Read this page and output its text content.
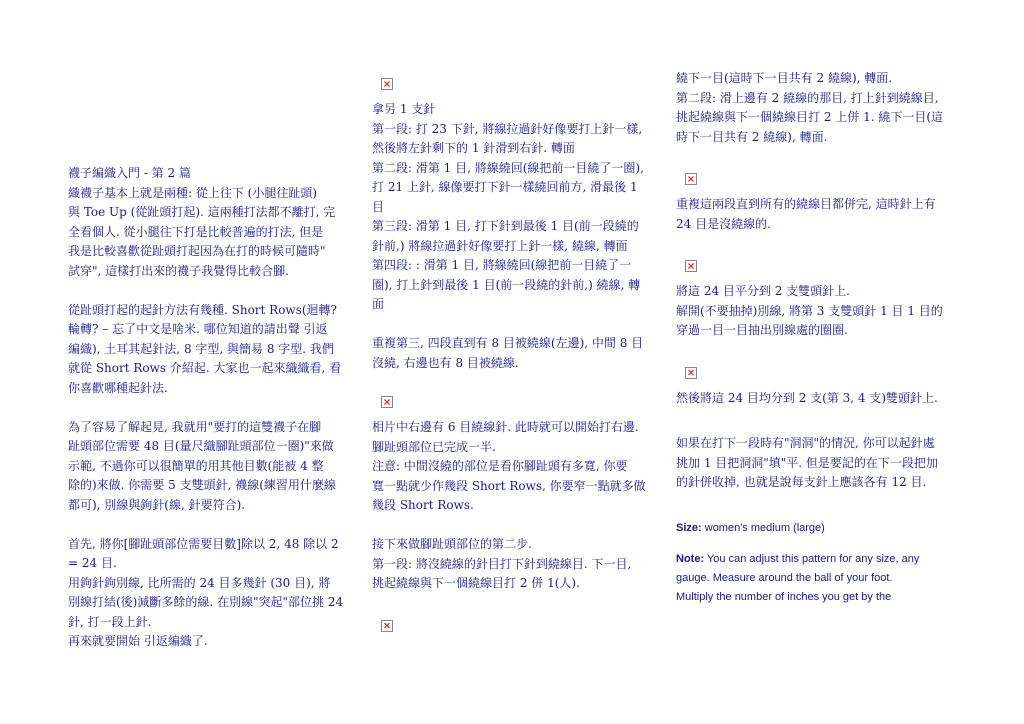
襪子編織入門 - 第 2 篇

織襪子基本上就是兩種: 從上往下 (小腿往趾頭)

與 Toe Up (從趾頭打起). 這兩種打法都不離打, 完

全看個人. 從小腿往下打是比較普遍的打法, 但是

我是比較喜歡從趾頭打起因為在打的時候可隨時"

試穿", 這樣打出來的襪子我覺得比較合腳.

從趾頭打起的起針方法有幾種. Short Rows(迴轉?

輪轉? – 忘了中文是啥米. 哪位知道的請出聲 引返

編織), 土耳其起針法, 8 字型, 與簡易 8 字型. 我們

就從 Short Rows 介紹起. 大家也一起來織織看, 看

你喜歡哪種起針法.

為了容易了解起見, 我就用"要打的這雙襪子在腳

趾頭部位需要 48 目(量尺織腳趾頭部位一圈)"來做

示範, 不過你可以很簡單的用其他目數(能被 4 整

除的)來做. 你需要 5 支雙頭針, 襪線(練習用什麼線

都可), 別線與鉤針(線, 針要符合).

首先, 將你[腳趾頭部位需要目數]除以 2, 48 除以 2

= 24 目.

用鉤針鉤別線, 比所需的 24 目多幾針 (30 目), 將

別線打結(後)減斷多餘的線. 在別線"突起"部位挑 24

針, 打一段上針.

再來就要開始 引返編織了.

拿另 1 支針

第一段: 打 23 下針, 將線拉過針好像要打上針一樣,

然後將左針剩下的 1 針滑到右針. 轉面

第二段: 滑第 1 目, 將線繞回(線把前一目繞了一圈),

打 21 上針, 線像要打下針一樣繞回前方, 滑最後 1

目

第三段: 滑第 1 目, 打下針到最後 1 目(前一段繞的

針前,) 將線拉過針好像要打上針一樣, 繞線, 轉面

第四段: : 滑第 1 目, 將線繞回(線把前一目繞了一

圈), 打上針到最後 1 目(前一段繞的針前,) 繞線, 轉

面

重複第三, 四段直到有 8 目被繞線(左邊), 中間 8 目

沒繞, 右邊也有 8 目被繞線.

相片中右邊有 6 目繞線針. 此時就可以開始打右邊.

腳趾頭部位已完成一半.

注意: 中間沒繞的部位是看你腳趾頭有多寬, 你要

寬一點就少作幾段 Short Rows, 你要窄一點就多做

幾段 Short Rows.

接下來做腳趾頭部位的第二步.

第一段: 將沒繞線的針目打下針到繞線目. 下一目,

挑起繞線與下一個繞線目打 2 併 1(人).

繞下一目(這時下一目共有 2 繞線), 轉面.

第二段: 滑上邊有 2 繞線的那目, 打上針到繞線目,

挑起繞線與下一個繞線目打 2 上併 1. 繞下一目(這

時下一目共有 2 繞線), 轉面.

重複這兩段直到所有的繞線目都併完, 這時針上有

24 目是沒繞線的.

將這 24 目平分到 2 支雙頭針上.

解開(不要抽掉)別線, 將第 3 支雙頭針 1 目 1 目的

穿過一目一目抽出別線處的圈圈.

然後將這 24 目均分到 2 支(第 3, 4 支)雙頭針上.

如果在打下一段時有"洞洞"的情況, 你可以起針處

挑加 1 目把洞洞"填"平. 但是要記的在下一段把加

的針併收掉, 也就是說每支針上應該各有 12 目.

Size: women's medium (large)

Note: You can adjust this pattern for any size, any
gauge. Measure around the ball of your foot.
Multiply the number of inches you get by the
